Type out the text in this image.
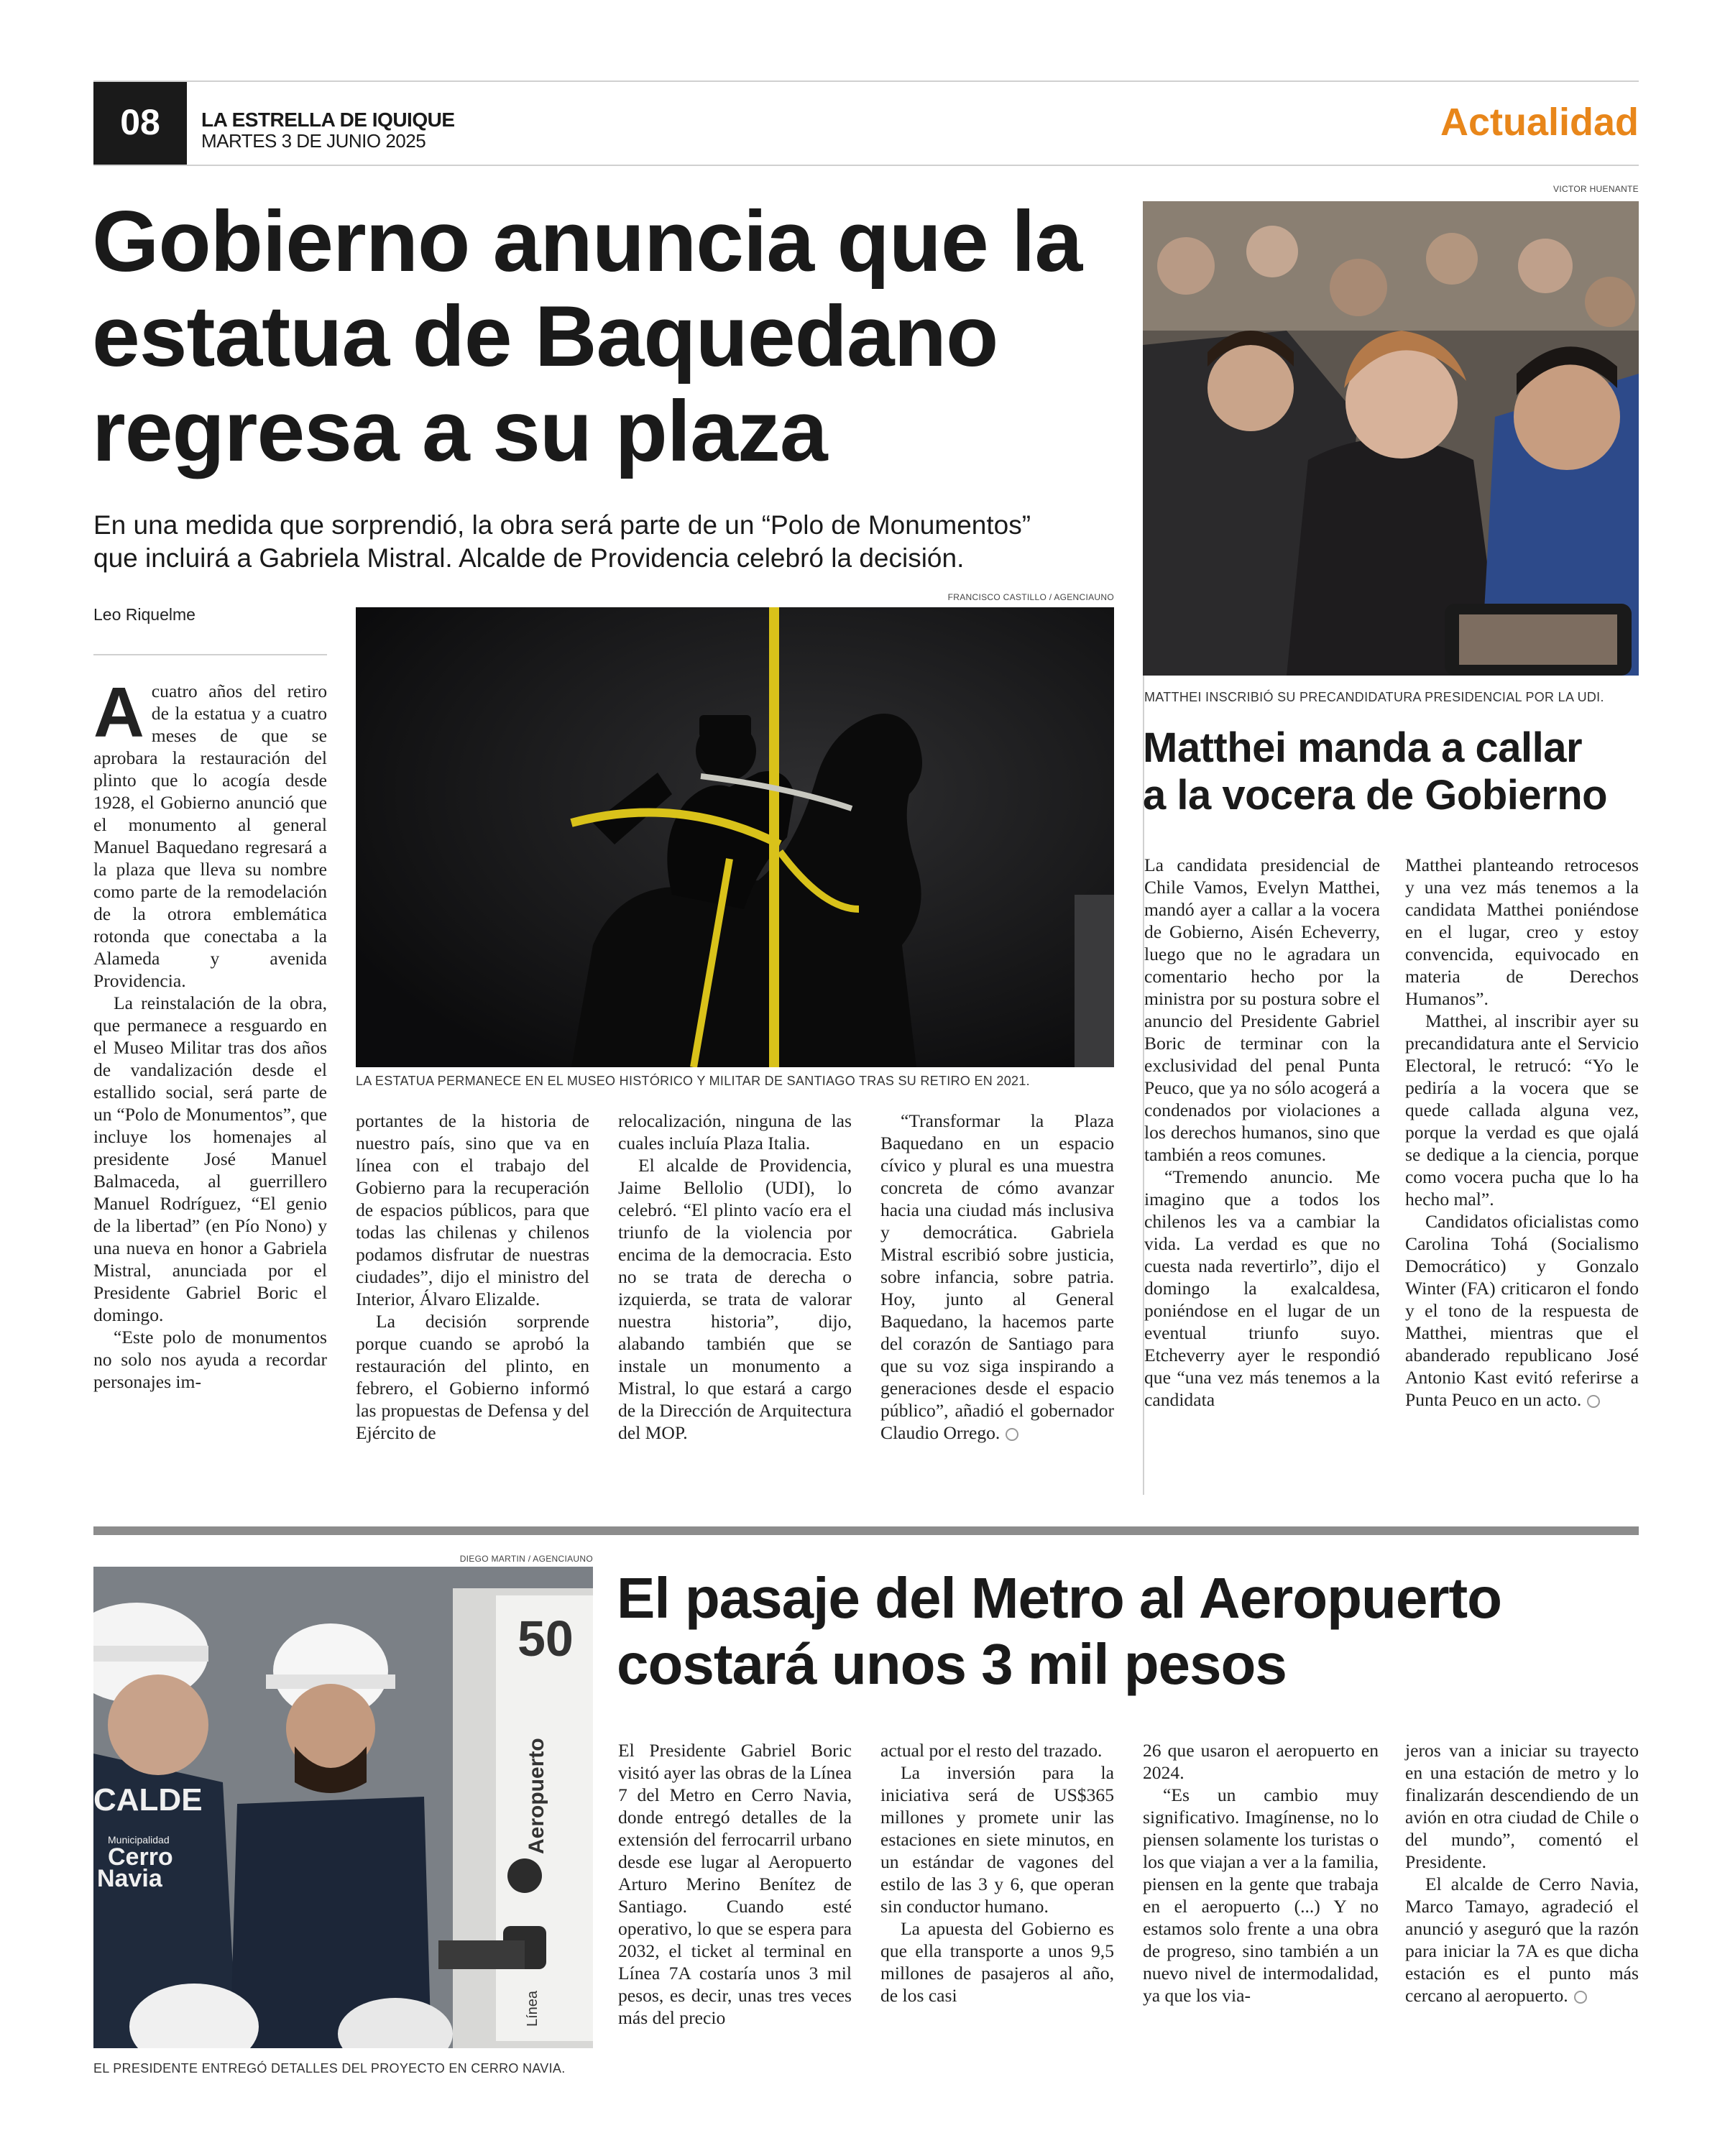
08	LA ESTRELLA DE IQUIQUE
MARTES 3 DE JUNIO 2025	Actualidad
Gobierno anuncia que la
estatua de Baquedano
regresa a su plaza
En una medida que sorprendió, la obra será parte de un “Polo de Monumentos”
que incluirá a Gabriela Mistral. Alcalde de Providencia celebró la decisión.
Leo Riquelme
FRANCISCO CASTILLO / AGENCIAUNO
LA ESTATUA PERMANECE EN EL MUSEO HISTÓRICO Y MILITAR DE SANTIAGO TRAS SU RETIRO EN 2021.

Acuatro años del retiro de la estatua y a cuatro meses de que se aprobara la restauración del plinto que lo acogía desde 1928, el Gobierno anunció que el monumento al general Manuel Baquedano regresará a la plaza que lleva su nombre como parte de la remodelación de la otrora emblemática rotonda que conectaba a la Alameda y avenida Providencia.

La reinstalación de la obra, que permanece a resguardo en el Museo Militar tras dos años de vandalización desde el estallido social, será parte de un “Polo de Monumentos”, que incluye los homenajes al presidente José Manuel Balmaceda, al guerrillero Manuel Rodríguez, “El genio de la libertad” (en Pío Nono) y una nueva en honor a Gabriela Mistral, anunciada por el Presidente Gabriel Boric el domingo.

“Este polo de monumentos no solo nos ayuda a recordar personajes im-

portantes de la historia de nuestro país, sino que va en línea con el trabajo del Gobierno para la recuperación de espacios públicos, para que todas las chilenas y chilenos podamos disfrutar de nuestras ciudades”, dijo el ministro del Interior, Álvaro Elizalde.

La decisión sorprende porque cuando se aprobó la restauración del plinto, en febrero, el Gobierno informó las propuestas de Defensa y del Ejército de

relocalización, ninguna de las cuales incluía Plaza Italia.

El alcalde de Providencia, Jaime Bellolio (UDI), lo celebró. “El plinto vacío era el triunfo de la violencia por encima de la democracia. Esto no se trata de derecha o izquierda, se trata de valorar nuestra historia”, dijo, alabando también que se instale un monumento a Mistral, lo que estará a cargo de la Dirección de Arquitectura del MOP.

“Transformar la Plaza Baquedano en un espacio cívico y plural es una muestra concreta de cómo avanzar hacia una ciudad más inclusiva y democrática. Gabriela Mistral escribió sobre justicia, sobre infancia, sobre patria. Hoy, junto al General Baquedano, la hacemos parte del corazón de Santiago para que su voz siga inspirando a generaciones desde el espacio público”, añadió el gobernador Claudio Orrego.

VICTOR HUENANTE
MATTHEI INSCRIBIÓ SU PRECANDIDATURA PRESIDENCIAL POR LA UDI.
Matthei manda a callar
a la vocera de Gobierno

La candidata presidencial de Chile Vamos, Evelyn Matthei, mandó ayer a callar a la vocera de Gobierno, Aisén Echeverry, luego que no le agradara un comentario hecho por la ministra por su postura sobre el anuncio del Presidente Gabriel Boric de terminar con la exclusividad del penal Punta Peuco, que ya no sólo acogerá a condenados por violaciones a los derechos humanos, sino que también a reos comunes.

“Tremendo anuncio. Me imagino que a todos los chilenos les va a cambiar la vida. La verdad es que no cuesta nada revertirlo”, dijo el domingo la exalcaldesa, poniéndose en el lugar de un eventual triunfo suyo. Etcheverry ayer le respondió que “una vez más tenemos a la candidata

Matthei planteando retrocesos y una vez más tenemos a la candidata Matthei poniéndose en el lugar, creo y estoy convencida, equivocado en materia de Derechos Humanos”.

Matthei, al inscribir ayer su precandidatura ante el Servicio Electoral, le retrucó: “Yo le pediría a la vocera que se quede callada alguna vez, porque la verdad es que ojalá se dedique a la ciencia, porque como vocera pucha que lo ha hecho mal”.

Candidatos oficialistas como Carolina Tohá (Socialismo Democrático) y Gonzalo Winter (FA) criticaron el fondo y el tono de la respuesta de Matthei, mientras que el abanderado republicano José Antonio Kast evitó referirse a Punta Peuco en un acto.

DIEGO MARTIN / AGENCIAUNO
50
Aeropuerto
Línea
CALDE
Municipalidad
Cerro
Navia
EL PRESIDENTE ENTREGÓ DETALLES DEL PROYECTO EN CERRO NAVIA.
El pasaje del Metro al Aeropuerto
costará unos 3 mil pesos

El Presidente Gabriel Boric visitó ayer las obras de la Línea 7 del Metro en Cerro Navia, donde entregó detalles de la extensión del ferrocarril urbano desde ese lugar al Aeropuerto Arturo Merino Benítez de Santiago. Cuando esté operativo, lo que se espera para 2032, el ticket al terminal en Línea 7A costaría unos 3 mil pesos, es decir, unas tres veces más del precio

actual por el resto del trazado.

La inversión para la iniciativa será de US$365 millones y promete unir las estaciones en siete minutos, en un estándar de vagones del estilo de las 3 y 6, que operan sin conductor humano.

La apuesta del Gobierno es que ella transporte a unos 9,5 millones de pasajeros al año, de los casi

26 que usaron el aeropuerto en 2024.

“Es un cambio muy significativo. Imagínense, no lo piensen solamente los turistas o los que viajan a ver a la familia, piensen en la gente que trabaja en el aeropuerto (...) Y no estamos solo frente a una obra de progreso, sino también a un nuevo nivel de intermodalidad, ya que los via-

jeros van a iniciar su trayecto en una estación de metro y lo finalizarán descendiendo de un avión en otra ciudad de Chile o del mundo”, comentó el Presidente.

El alcalde de Cerro Navia, Marco Tamayo, agradeció el anunció y aseguró que la razón para iniciar la 7A es que dicha estación es el punto más cercano al aeropuerto.
